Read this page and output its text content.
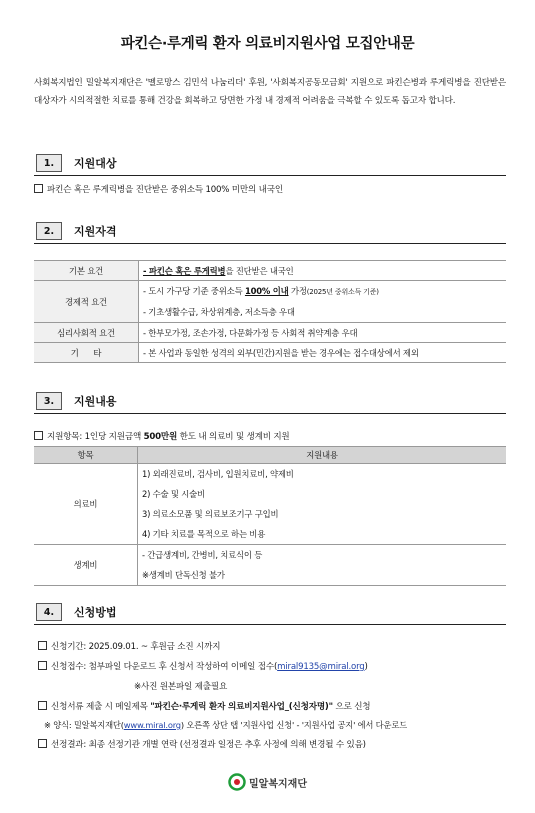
파킨슨·루게릭 환자 의료비지원사업 모집안내문
사회복지법인 밀알복지재단은 '멜로망스 김민석 나눔리더' 후원, '사회복지공동모금회' 지원으로 파킨슨병과 루게릭병을 진단받은 대상자가 시의적절한 치료를 통해 건강을 회복하고 당면한 가정 내 경제적 어려움을 극복할 수 있도록 돕고자 합니다.
1.	지원대상
파킨슨 혹은 루게릭병을 진단받은 중위소득 100% 미만의 내국인
2.	지원자격
기본 요건	- 파킨슨 혹은 루게릭병을 진단받은 내국인
경제적 요건	- 도시 가구당 기준 중위소득 100% 이내 가정(2025년 중위소득 기준)
- 기초생활수급, 차상위계층, 저소득층 우대

심리사회적 요건	- 한부모가정, 조손가정, 다문화가정 등 사회적 취약계층 우대
기      타	- 본 사업과 동일한 성격의 외부(민간)지원을 받는 경우에는 접수대상에서 제외
3.	지원내용
지원항목: 1인당 지원금액 500만원 한도 내 의료비 및 생계비 지원
항목	지원내용
의료비	1) 외래진료비, 검사비, 입원치료비, 약제비
2) 수술 및 시술비
3) 의료소모품 및 의료보조기구 구입비
4) 기타 치료를 목적으로 하는 비용

생계비	- 간급생계비, 간병비, 치료식이 등
※생계비 단독신청 불가
4.	신청방법
신청기간: 2025.09.01. ~ 후원금 소진 시까지
신청접수: 첨부파일 다운로드 후 신청서 작성하여 이메일 접수(miral9135@miral.org)
※사진 원본파일 제출필요
신청서류 제출 시 메일제목 "파킨슨·루게릭 환자 의료비지원사업_(신청자명)" 으로 신청
※ 양식: 밀알복지재단(www.miral.org) 오른쪽 상단 탭 '지원사업 신청' - '지원사업 공지' 에서 다운로드
선정결과: 최종 선정기관 개별 연락 (선정결과 일정은 추후 사정에 의해 변경될 수 있음)
밀알복지재단
